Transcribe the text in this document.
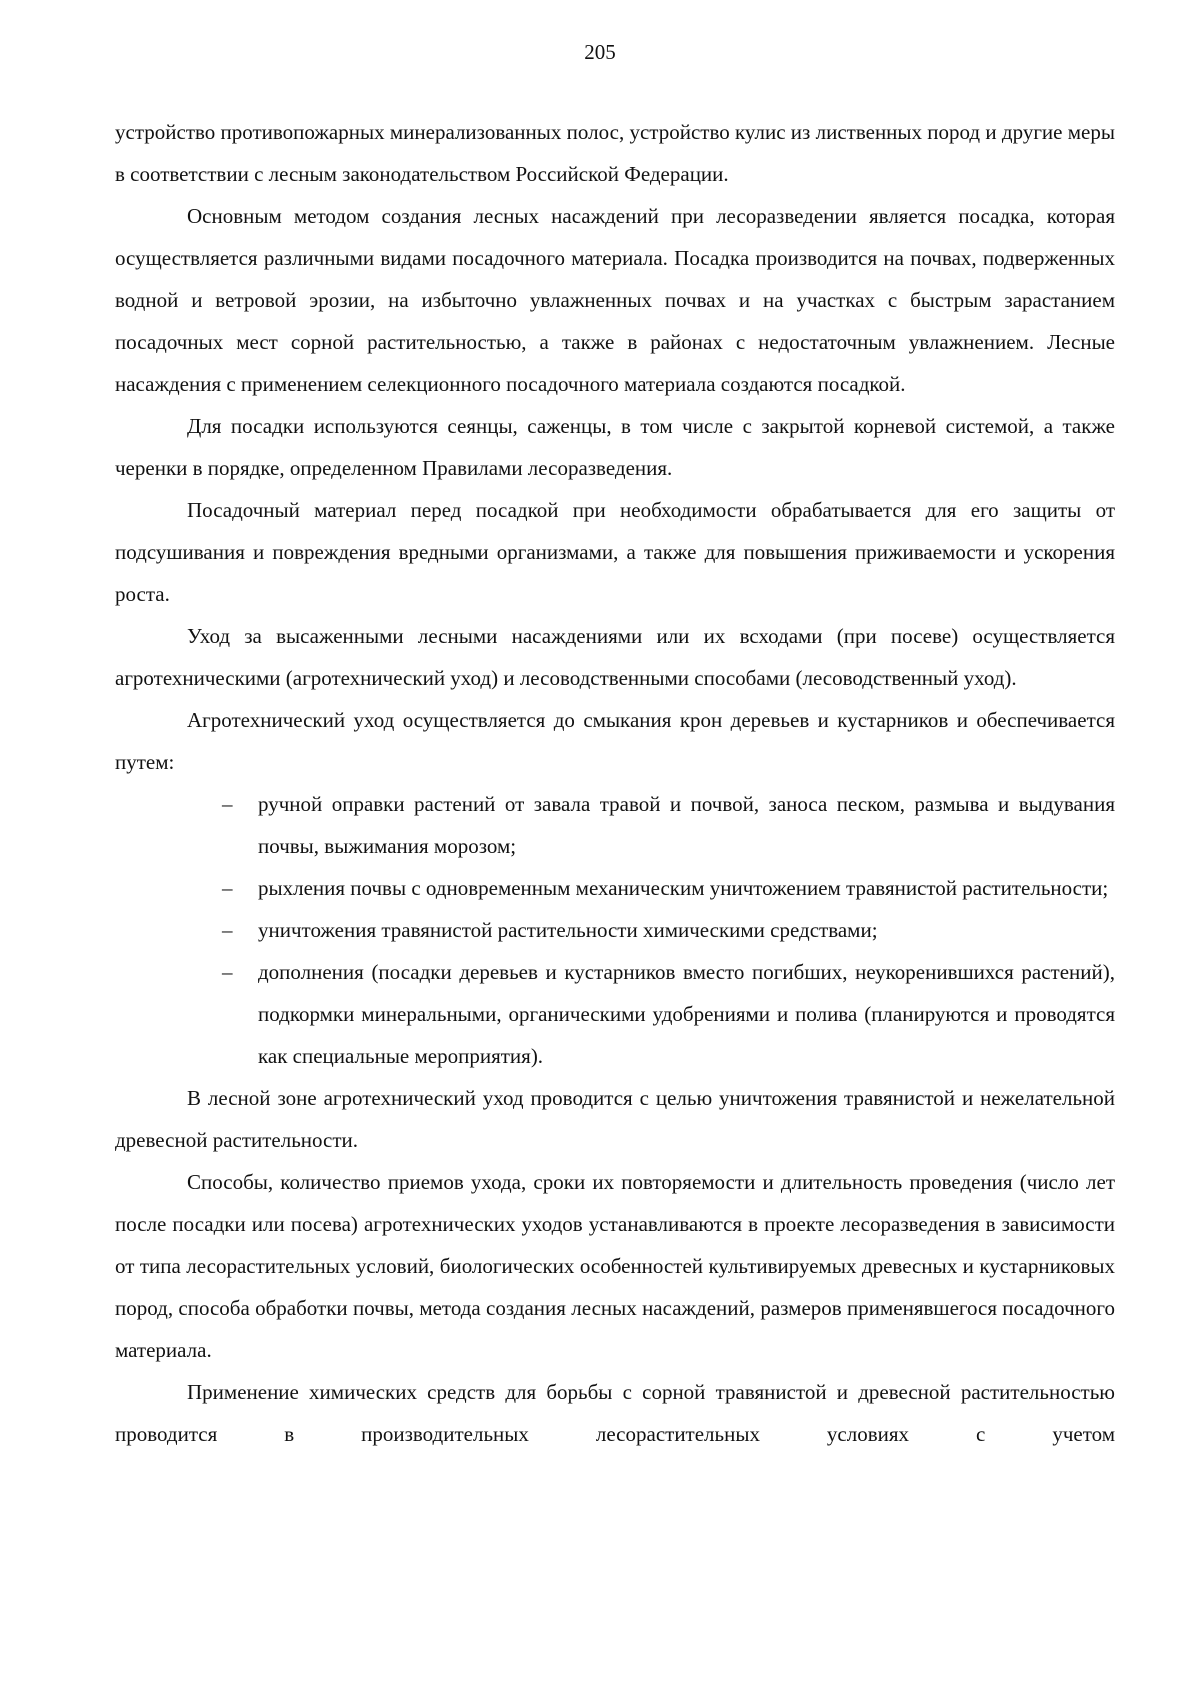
205

устройство противопожарных минерализованных полос, устройство кулис из лиственных пород и другие меры в соответствии с лесным законодательством Российской Федерации.

Основным методом создания лесных насаждений при лесоразведении является посадка, которая осуществляется различными видами посадочного материала. Посадка производится на почвах, подверженных водной и ветровой эрозии, на избыточно увлажненных почвах и на участках с быстрым зарастанием посадочных мест сорной растительностью, а также в районах с недостаточным увлажнением. Лесные насаждения с применением селекционного посадочного материала создаются посадкой.

Для посадки используются сеянцы, саженцы, в том числе с закрытой корневой системой, а также черенки в порядке, определенном Правилами лесоразведения.

Посадочный материал перед посадкой при необходимости обрабатывается для его защиты от подсушивания и повреждения вредными организмами, а также для повышения приживаемости и ускорения роста.

Уход за высаженными лесными насаждениями или их всходами (при посеве) осуществляется агротехническими (агротехнический уход) и лесоводственными способами (лесоводственный уход).

Агротехнический уход осуществляется до смыкания крон деревьев и кустарников и обеспечивается путем:

– ручной оправки растений от завала травой и почвой, заноса песком, размыва и выдувания почвы, выжимания морозом;
– рыхления почвы с одновременным механическим уничтожением травянистой растительности;
– уничтожения травянистой растительности химическими средствами;
– дополнения (посадки деревьев и кустарников вместо погибших, неукоренившихся растений), подкормки минеральными, органическими удобрениями и полива (планируются и проводятся как специальные мероприятия).

В лесной зоне агротехнический уход проводится с целью уничтожения травянистой и нежелательной древесной растительности.

Способы, количество приемов ухода, сроки их повторяемости и длительность проведения (число лет после посадки или посева) агротехнических уходов устанавливаются в проекте лесоразведения в зависимости от типа лесорастительных условий, биологических особенностей культивируемых древесных и кустарниковых пород, способа обработки почвы, метода создания лесных насаждений, размеров применявшегося посадочного материала.

Применение химических средств для борьбы с сорной травянистой и древесной растительностью проводится в производительных лесорастительных условиях с учетом
